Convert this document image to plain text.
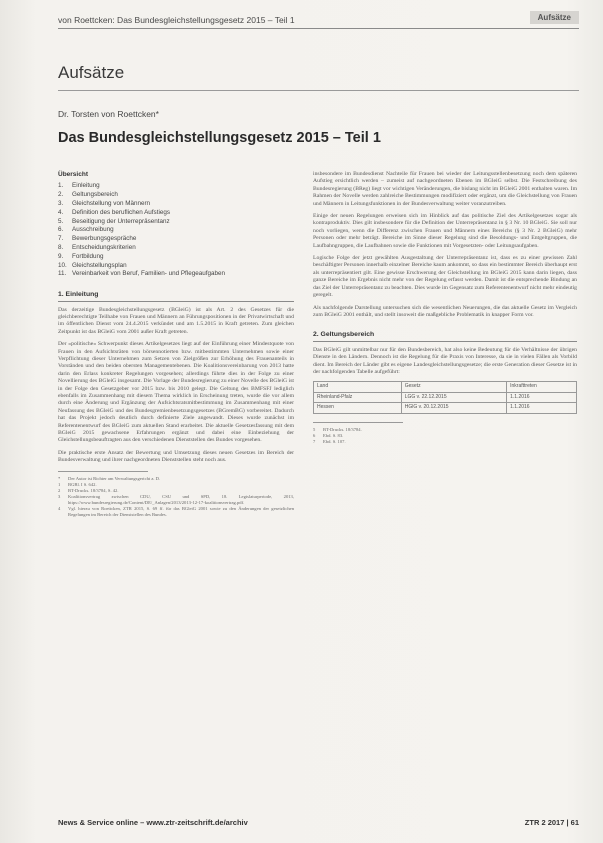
von Roettcken: Das Bundesgleichstellungsgesetz 2015 – Teil 1	Aufsätze
Aufsätze
Dr. Torsten von Roettcken*
Das Bundesgleichstellungsgesetz 2015 – Teil 1
Übersicht
1.	Einleitung
2.	Geltungsbereich
3.	Gleichstellung von Männern
4.	Definition des beruflichen Aufstiegs
5.	Beseitigung der Unterrepräsentanz
6.	Ausschreibung
7.	Bewerbungsgespräche
8.	Entscheidungskriterien
9.	Fortbildung
10. Gleichstellungsplan
11. Vereinbarkeit von Beruf, Familien- und Pflegeaufgaben
1. Einleitung

Das derzeitige Bundesgleichstellungsgesetz (BGleiG) ist als Art. 2 des Gesetzes für die gleichberechtigte Teilhabe von Frauen und Männern an Führungspositionen in der Privatwirtschaft und im öffentlichen Dienst vom 24.4.2015 verkündet und am 1.5.2015 in Kraft getreten. Zum gleichen Zeitpunkt ist das BGleiG vom 2001 außer Kraft getreten.

Der »politische« Schwerpunkt dieses Artikelgesetzes liegt auf der Einführung einer Mindestquote von Frauen in den Aufsichtsräten von börsennotierten bzw. mitbestimmten Unternehmen sowie einer Verpflichtung dieser Unternehmen zum Setzen von Zielgrößen zur Erhöhung des Frauenanteils in Vorständen und den beiden obersten Managementebenen. Die Koalitionsvereinbarung von 2013 hatte darin den Erlass konkreter Regelungen vorgesehen; allerdings führte dies in der Folge zu einer Novellierung des BGleiG insgesamt. Die Vorlage der Bundesregierung zu einer Novelle des BGleiG ist in der Folge den Gesetzgeber vor 2015 bzw. bis 2010 gelegt. Die Geltung des BMFSFJ lediglich ebenfalls im Zusammenhang mit diesem Thema wirklich in Erscheinung treten, wurde die vor allem durch eine Änderung und Ergänzung der Aufsichtsratsmitbestimmung im Zusammenhang mit einer Neufassung des BGleiG und des Bundesgremienbesetzungsgesetzes (BGremBG) vorbereitet. Dadurch hat das Projekt jedoch deutlich durch definierte Ziele angewandt. Dieses wurde zunächst im Referentenentwurf des BGleiG zum aktuellen Stand erarbeitet. Die aktuelle Gesetzesfassung mit dem BGleiG 2015 gewachsene Erfahrungen ergänzt und dabei eine Einbeziehung der Gleichstellungsbeauftragten aus den verschiedenen Dienststellen des Bundes vorgesehen.

Die praktische erste Ansatz der Bewertung und Umsetzung dieses neuen Gesetzes im Bereich der Bundesverwaltung und ihrer nachgeordneten Dienststellen steht noch aus.

*	Der Autor ist Richter am Verwaltungsgericht a. D.
1	BGBl. I S. 642.
2	BT-Drucks. 18/3784, S. 42.
3	Koalitionsvertrag zwischen CDU, CSU und SPD, 18. Legislaturperiode, 2013, https://www.bundesregierung.de/Content/DE/_Anlagen/2013/2013-12-17-koalitionsvertrag.pdf.
4	Vgl. hierzu von Roettcken, ZTR 2015, S. 69 ff. für das BGleiG 2001 sowie zu den Änderungen der gesetzlichen Regelungen im Bereich der Dienststellen des Bundes.

insbesondere im Bundesdienst Nachteile für Frauen bei wieder der Leitungsstellenbesetzung noch dem späteren Aufstieg ersichtlich werden – zumeist auf nachgeordneten Ebenen im BGleiG selbst. Die Festschreibung des Bundesregierung (BReg) liegt vor wichtigen Veränderungen, die bislang nicht im BGleiG 2001 enthalten waren. Im Rahmen der Novelle werden zahlreiche Bestimmungen modifiziert oder ergänzt, um die Gleichstellung von Frauen und Männern in Leitungsfunktionen in der Bundesverwaltung weiter voranzutreiben.

Einige der neuen Regelungen erweisen sich im Hinblick auf das politische Ziel des Artikelgesetzes sogar als kontraproduktiv. Dies gilt insbesondere für die Definition der Unterrepräsentanz in § 3 Nr. 10 BGleiG. Sie soll nur noch vorliegen, wenn die Differenz zwischen Frauen und Männern eines Bereichs (§ 3 Nr. 2 BGleiG) mehr Personen oder mehr beträgt. Bereiche im Sinne dieser Regelung sind die Besoldungs- und Entgeltgruppen, die Laufbahngruppen, die Laufbahnen sowie die Funktionen mit Vorgesetzten- oder Leitungsaufgaben.

Logische Folge der jetzt gewählten Ausgestaltung der Unterrepräsentanz ist, dass es zu einer gewissen Zahl beschäftigter Personen innerhalb einzelner Bereiche kaum ankommt, so dass ein bestimmter Bereich überhaupt erst als unterrepräsentiert gilt. Eine gewisse Erschwerung der Gleichstellung im BGleiG 2015 kann darin liegen, dass ganze Bereiche im Ergebnis nicht mehr von der Regelung erfasst werden. Damit ist die entsprechende Bindung an das Ziel der Unterrepräsentanz zu beachten. Dies wurde im Gegensatz zum Referentenentwurf nicht mehr eindeutig geregelt.

Als nachfolgende Darstellung untersuchen sich die wesentlichen Neuerungen, die das aktuelle Gesetz im Vergleich zum BGleiG 2001 enthält, und stellt insoweit die maßgebliche Problematik in knapper Form vor.

2. Geltungsbereich

Das BGleiG gilt unmittelbar nur für den Bundesbereich, hat also keine Bedeutung für die Verhältnisse der übrigen Dienste in den Ländern. Dennoch ist die Regelung für die Praxis von Interesse, da sie in vielen Fällen als Vorbild dient. Im Bereich der Länder gibt es eigene Landesgleichstellungsgesetze; die erste Generation dieser Gesetze ist in der nachfolgenden Tabelle aufgeführt:

Land	Gesetz	Inkrafttreten
Rheinland-Pfalz	LGG v. 22.12.2015	1.1.2016
Hessen	HGlG v. 20.12.2015	1.1.2016
5	BT-Drucks. 18/3784.
6	Ebd. S. 83.
7	Ebd. S. 107.
News & Service online – www.ztr-zeitschrift.de/archiv	ZTR 2 2017 | 61
